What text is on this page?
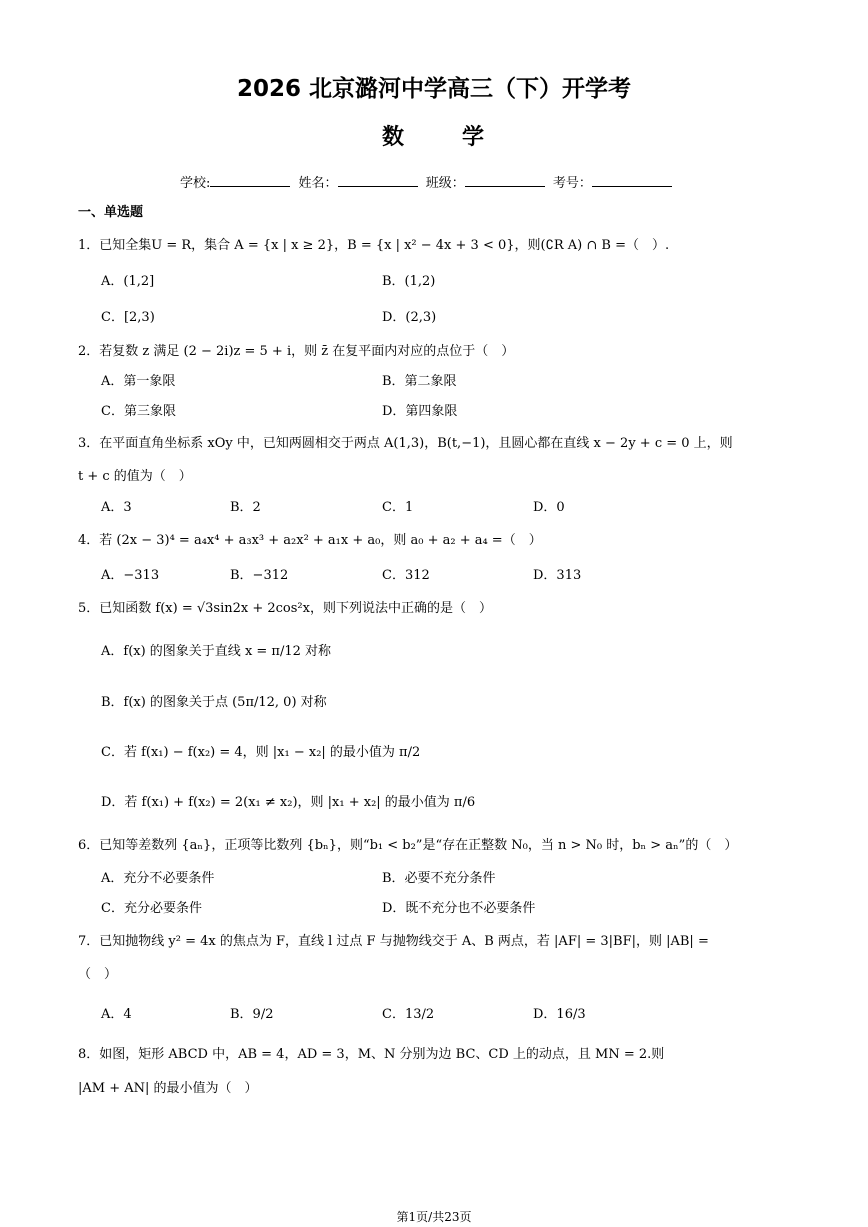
2026 北京潞河中学高三（下）开学考
数	学
学校:	姓名：	班级：	考号：
一、单选题
1．已知全集U = R，集合 A = {x | x ≥ 2}，B = {x | x² − 4x + 3 < 0}，则(∁R A) ∩ B =（　）.
A．(1,2]	B．(1,2)
C．[2,3)	D．(2,3)
2．若复数 z 满足 (2 − 2i)z = 5 + i，则 z̄ 在复平面内对应的点位于（　）
A．第一象限	B．第二象限
C．第三象限	D．第四象限
3．在平面直角坐标系 xOy 中，已知两圆相交于两点 A(1,3)，B(t,−1)，且圆心都在直线 x − 2y + c = 0 上，则
t + c 的值为（　）
A．3	B．2	C．1	D．0
4．若 (2x − 3)⁴ = a₄x⁴ + a₃x³ + a₂x² + a₁x + a₀，则 a₀ + a₂ + a₄ =（　）
A．−313	B．−312	C．312	D．313
5．已知函数 f(x) = √3sin2x + 2cos²x，则下列说法中正确的是（　）
A．f(x) 的图象关于直线 x = π/12 对称
B．f(x) 的图象关于点 (5π/12, 0) 对称
C．若 f(x₁) − f(x₂) = 4，则 |x₁ − x₂| 的最小值为 π/2
D．若 f(x₁) + f(x₂) = 2(x₁ ≠ x₂)，则 |x₁ + x₂| 的最小值为 π/6
6．已知等差数列 {aₙ}，正项等比数列 {bₙ}，则“b₁ < b₂”是“存在正整数 N₀，当 n > N₀ 时，bₙ > aₙ”的（　）
A．充分不必要条件	B．必要不充分条件
C．充分必要条件	D．既不充分也不必要条件
7．已知抛物线 y² = 4x 的焦点为 F，直线 l 过点 F 与抛物线交于 A、B 两点，若 |AF| = 3|BF|，则 |AB| =
（　）
A．4	B．9/2	C．13/2	D．16/3
8．如图，矩形 ABCD 中，AB = 4，AD = 3，M、N 分别为边 BC、CD 上的动点，且 MN = 2.则
|AM + AN| 的最小值为（　）
第1页/共23页
